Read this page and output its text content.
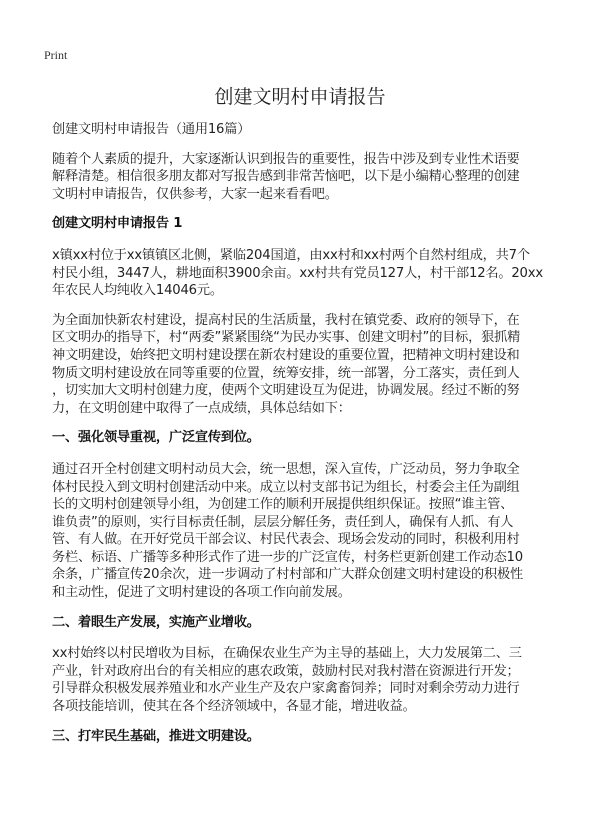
Print
创建文明村申请报告
创建文明村申请报告（通用16篇）
随着个人素质的提升，大家逐渐认识到报告的重要性，报告中涉及到专业性术语要
解释清楚。相信很多朋友都对写报告感到非常苦恼吧，以下是小编精心整理的创建
文明村申请报告，仅供参考，大家一起来看看吧。
创建文明村申请报告 1
x镇xx村位于xx镇镇区北侧，紧临204国道，由xx村和xx村两个自然村组成，共7个
村民小组，3447人，耕地面积3900余亩。xx村共有党员127人，村干部12名。20xx
年农民人均纯收入14046元。
为全面加快新农村建设，提高村民的生活质量，我村在镇党委、政府的领导下，在
区文明办的指导下，村“两委”紧紧围绕“为民办实事、创建文明村”的目标，狠抓精
神文明建设，始终把文明村建设摆在新农村建设的重要位置，把精神文明村建设和
物质文明村建设放在同等重要的位置，统筹安排，统一部署，分工落实，责任到人
，切实加大文明村创建力度，使两个文明建设互为促进，协调发展。经过不断的努
力，在文明创建中取得了一点成绩，具体总结如下：
一、强化领导重视，广泛宣传到位。
通过召开全村创建文明村动员大会，统一思想，深入宣传，广泛动员，努力争取全
体村民投入到文明村创建活动中来。成立以村支部书记为组长，村委会主任为副组
长的文明村创建领导小组，为创建工作的顺利开展提供组织保证。按照“谁主管、
谁负责”的原则，实行目标责任制，层层分解任务，责任到人，确保有人抓、有人
管、有人做。在开好党员干部会议、村民代表会、现场会发动的同时，积极利用村
务栏、标语、广播等多种形式作了进一步的广泛宣传，村务栏更新创建工作动态10
余条，广播宣传20余次，进一步调动了村村部和广大群众创建文明村建设的积极性
和主动性，促进了文明村建设的各项工作向前发展。
二、着眼生产发展，实施产业增收。
xx村始终以村民增收为目标，在确保农业生产为主导的基础上，大力发展第二、三
产业，针对政府出台的有关相应的惠农政策，鼓励村民对我村潜在资源进行开发；
引导群众积极发展养殖业和水产业生产及农户家禽畜饲养；同时对剩余劳动力进行
各项技能培训，使其在各个经济领域中，各显才能，增进收益。
三、打牢民生基础，推进文明建设。
